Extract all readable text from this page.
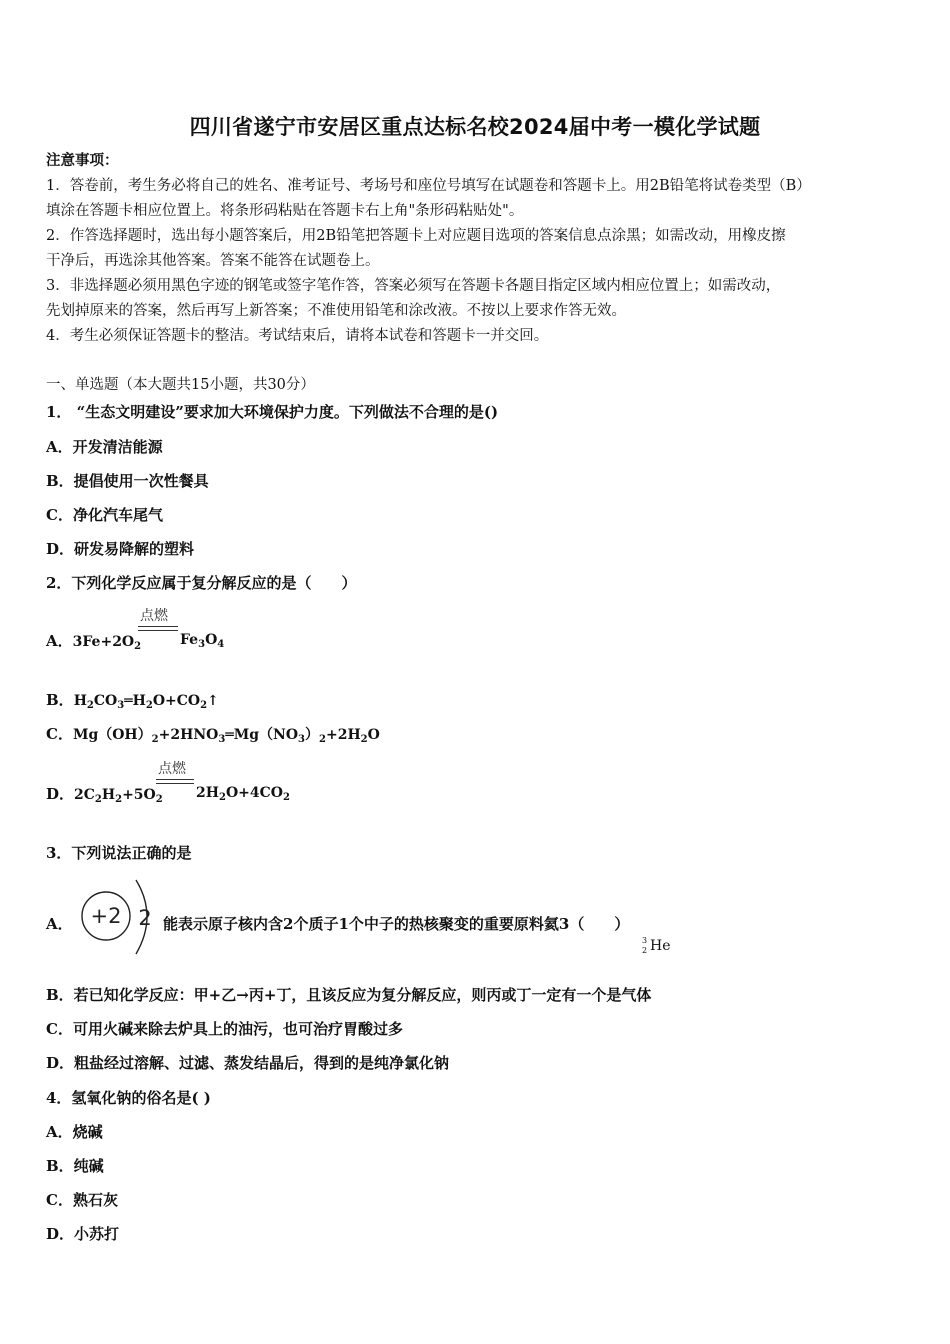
四川省遂宁市安居区重点达标名校2024届中考一模化学试题
注意事项：
1．答卷前，考生务必将自己的姓名、准考证号、考场号和座位号填写在试题卷和答题卡上。用2B铅笔将试卷类型（B）
填涂在答题卡相应位置上。将条形码粘贴在答题卡右上角"条形码粘贴处"。
2．作答选择题时，选出每小题答案后，用2B铅笔把答题卡上对应题目选项的答案信息点涂黑；如需改动，用橡皮擦
干净后，再选涂其他答案。答案不能答在试题卷上。
3．非选择题必须用黑色字迹的钢笔或签字笔作答，答案必须写在答题卡各题目指定区域内相应位置上；如需改动，
先划掉原来的答案，然后再写上新答案；不准使用铅笔和涂改液。不按以上要求作答无效。
4．考生必须保证答题卡的整洁。考试结束后，请将本试卷和答题卡一并交回。
一、单选题（本大题共15小题，共30分）
1． “生态文明建设”要求加大环境保护力度。下列做法不合理的是()
A．开发清洁能源
B．提倡使用一次性餐具
C．净化汽车尾气
D．研发易降解的塑料
2．下列化学反应属于复分解反应的是（　　）
A．$3Fe+2O_2$
点燃
$Fe_3O_4$
B．$H_2CO_3═H_2O+CO_2↑$
C．$Mg(OH)_2+2HNO_3═Mg(NO_3)_2+2H_2O$
D．$2C_2H_2+5O_2$
点燃
$2H_2O+4CO_2$
3．下列说法正确的是
A． +2 2 能表示原子核内含2个质子1个中子的热核聚变的重要原料氦3（　　）
3
2 He
B．若已知化学反应：甲+乙→丙+丁，且该反应为复分解反应，则丙或丁一定有一个是气体
C．可用火碱来除去炉具上的油污，也可治疗胃酸过多
D．粗盐经过溶解、过滤、蒸发结晶后，得到的是纯净氯化钠
4．氢氧化钠的俗名是( )
A．烧碱
B．纯碱
C．熟石灰
D．小苏打
